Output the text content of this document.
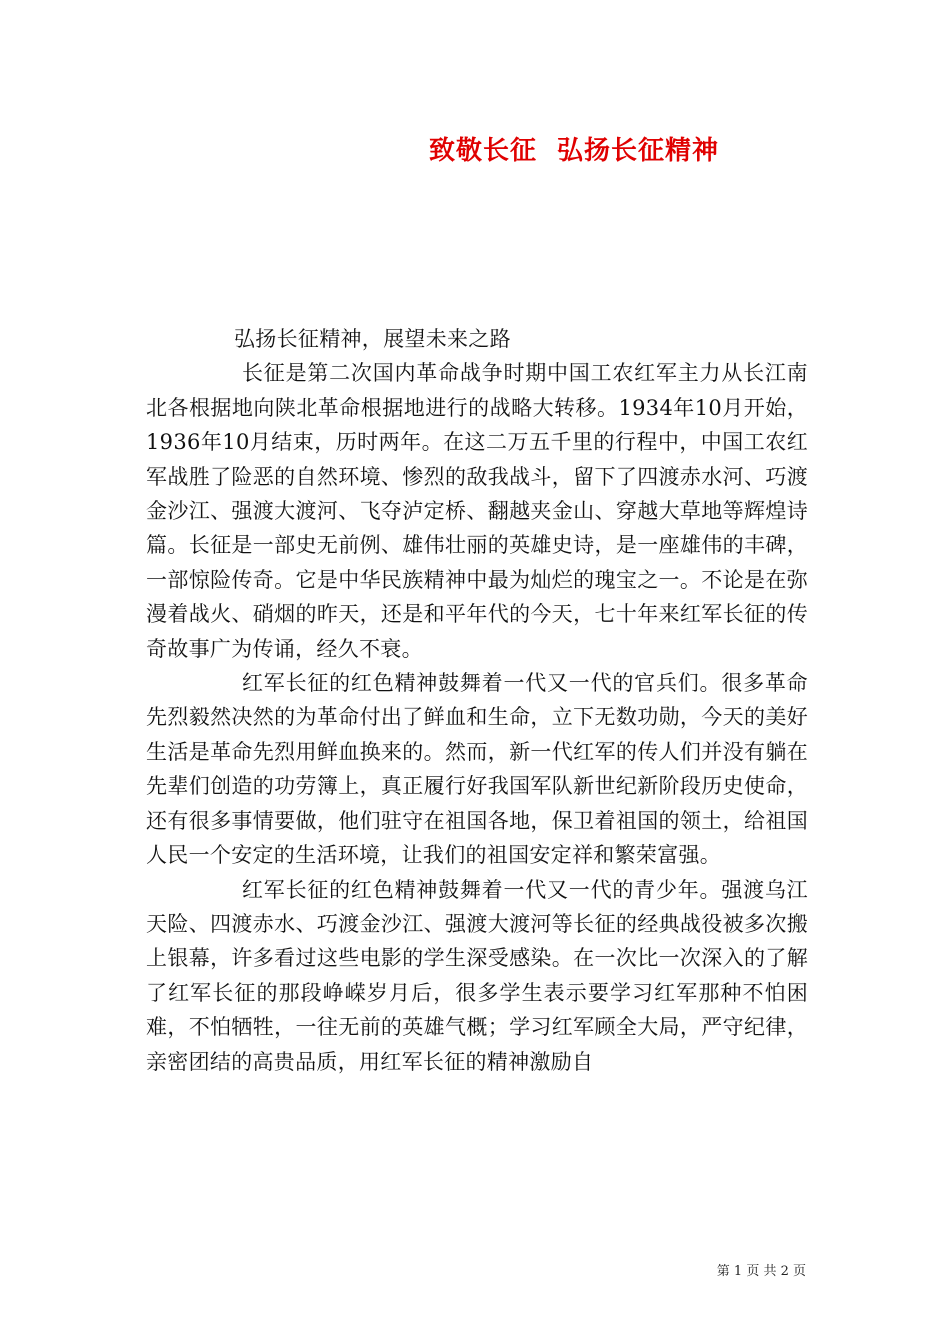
致敬长征  弘扬长征精神

弘扬长征精神，展望未来之路

长征是第二次国内革命战争时期中国工农红军主力从长江南北各根据地向陕北革命根据地进行的战略大转移。1934年10月开始，1936年10月结束，历时两年。在这二万五千里的行程中，中国工农红军战胜了险恶的自然环境、惨烈的敌我战斗，留下了四渡赤水河、巧渡金沙江、强渡大渡河、飞夺泸定桥、翻越夹金山、穿越大草地等辉煌诗篇。长征是一部史无前例、雄伟壮丽的英雄史诗，是一座雄伟的丰碑，一部惊险传奇。它是中华民族精神中最为灿烂的瑰宝之一。不论是在弥漫着战火、硝烟的昨天，还是和平年代的今天，七十年来红军长征的传奇故事广为传诵，经久不衰。

红军长征的红色精神鼓舞着一代又一代的官兵们。很多革命先烈毅然决然的为革命付出了鲜血和生命，立下无数功勋，今天的美好生活是革命先烈用鲜血换来的。然而，新一代红军的传人们并没有躺在先辈们创造的功劳簿上，真正履行好我国军队新世纪新阶段历史使命，还有很多事情要做，他们驻守在祖国各地，保卫着祖国的领土，给祖国人民一个安定的生活环境，让我们的祖国安定祥和繁荣富强。

红军长征的红色精神鼓舞着一代又一代的青少年。强渡乌江天险、四渡赤水、巧渡金沙江、强渡大渡河等长征的经典战役被多次搬上银幕，许多看过这些电影的学生深受感染。在一次比一次深入的了解了红军长征的那段峥嵘岁月后，很多学生表示要学习红军那种不怕困难，不怕牺牲，一往无前的英雄气概；学习红军顾全大局，严守纪律，亲密团结的高贵品质，用红军长征的精神激励自

第 1 页 共 2 页
